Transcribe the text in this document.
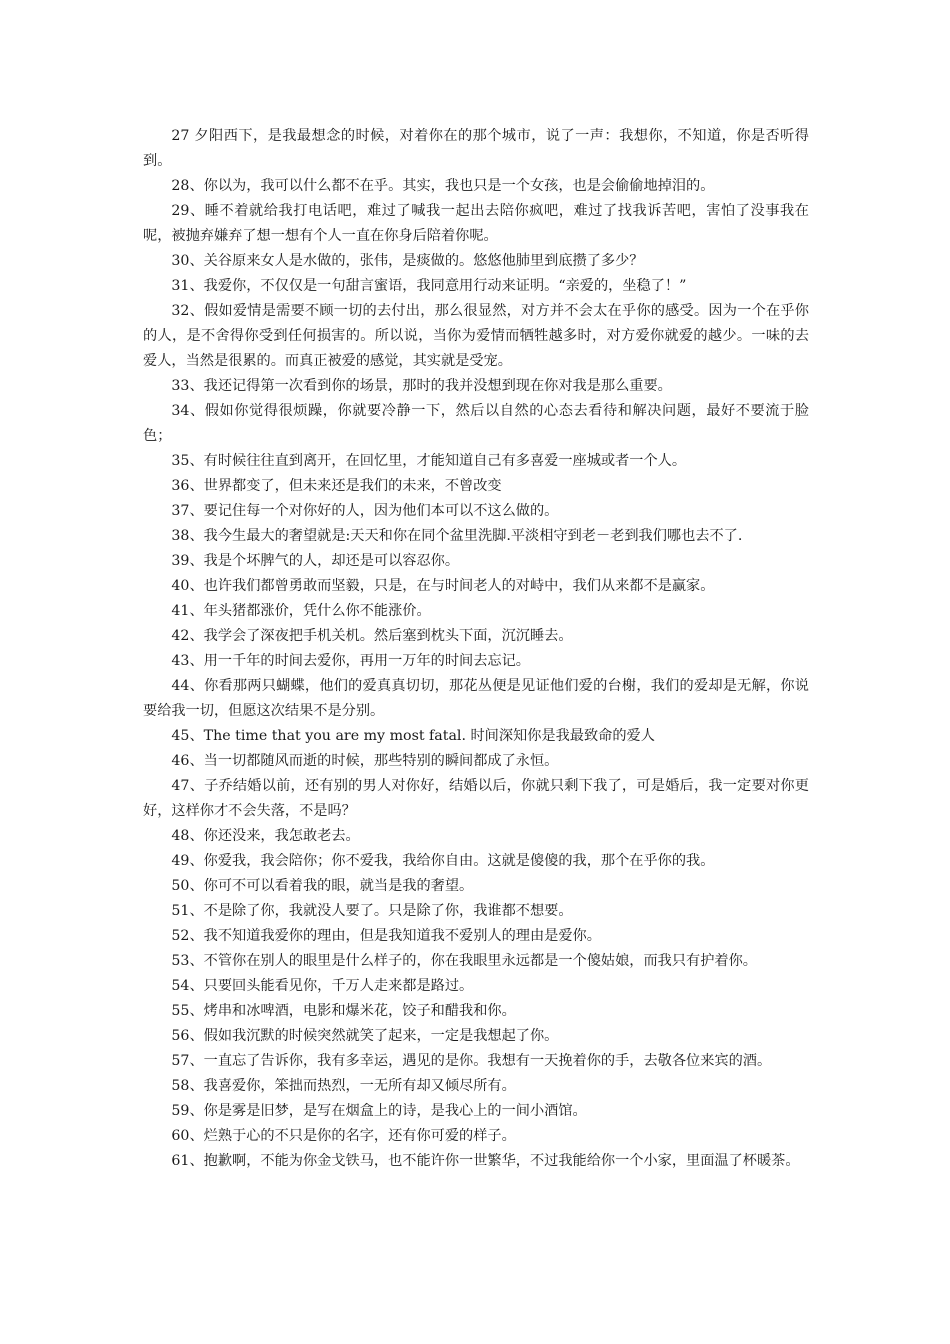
27 夕阳西下，是我最想念的时候，对着你在的那个城市，说了一声：我想你，不知道，你是否听得到。

28、你以为，我可以什么都不在乎。其实，我也只是一个女孩，也是会偷偷地掉泪的。

29、睡不着就给我打电话吧，难过了喊我一起出去陪你疯吧，难过了找我诉苦吧，害怕了没事我在呢，被抛弃嫌弃了想一想有个人一直在你身后陪着你呢。

30、关谷原来女人是水做的，张伟，是痰做的。悠悠他肺里到底攒了多少？

31、我爱你，不仅仅是一句甜言蜜语，我同意用行动来证明。“亲爱的，坐稳了！”

32、假如爱情是需要不顾一切的去付出，那么很显然，对方并不会太在乎你的感受。因为一个在乎你的人，是不舍得你受到任何损害的。所以说，当你为爱情而牺牲越多时，对方爱你就爱的越少。一味的去爱人，当然是很累的。而真正被爱的感觉，其实就是受宠。

33、我还记得第一次看到你的场景，那时的我并没想到现在你对我是那么重要。

34、假如你觉得很烦躁，你就要冷静一下，然后以自然的心态去看待和解决问题，最好不要流于脸色；

35、有时候往往直到离开，在回忆里，才能知道自己有多喜爱一座城或者一个人。

36、世界都变了，但未来还是我们的未来，不曾改变

37、要记住每一个对你好的人，因为他们本可以不这么做的。

38、我今生最大的奢望就是:天天和你在同个盆里洗脚.平淡相守到老－老到我们哪也去不了.

39、我是个坏脾气的人，却还是可以容忍你。

40、也许我们都曾勇敢而坚毅，只是，在与时间老人的对峙中，我们从来都不是赢家。

41、年头猪都涨价，凭什么你不能涨价。

42、我学会了深夜把手机关机。然后塞到枕头下面，沉沉睡去。

43、用一千年的时间去爱你，再用一万年的时间去忘记。

44、你看那两只蝴蝶，他们的爱真真切切，那花丛便是见证他们爱的台榭，我们的爱却是无解，你说要给我一切，但愿这次结果不是分别。

45、The time that you are my most fatal. 时间深知你是我最致命的爱人

46、当一切都随风而逝的时候，那些特别的瞬间都成了永恒。

47、子乔结婚以前，还有别的男人对你好，结婚以后，你就只剩下我了，可是婚后，我一定要对你更好，这样你才不会失落，不是吗？

48、你还没来，我怎敢老去。

49、你爱我，我会陪你；你不爱我，我给你自由。这就是傻傻的我，那个在乎你的我。

50、你可不可以看着我的眼，就当是我的奢望。

51、不是除了你，我就没人要了。只是除了你，我谁都不想要。

52、我不知道我爱你的理由，但是我知道我不爱别人的理由是爱你。

53、不管你在别人的眼里是什么样子的，你在我眼里永远都是一个傻姑娘，而我只有护着你。

54、只要回头能看见你，千万人走来都是路过。

55、烤串和冰啤酒，电影和爆米花，饺子和醋我和你。

56、假如我沉默的时候突然就笑了起来，一定是我想起了你。

57、一直忘了告诉你，我有多幸运，遇见的是你。我想有一天挽着你的手，去敬各位来宾的酒。

58、我喜爱你，笨拙而热烈，一无所有却又倾尽所有。

59、你是雾是旧梦，是写在烟盒上的诗，是我心上的一间小酒馆。

60、烂熟于心的不只是你的名字，还有你可爱的样子。

61、抱歉啊，不能为你金戈铁马，也不能许你一世繁华，不过我能给你一个小家，里面温了杯暖茶。
